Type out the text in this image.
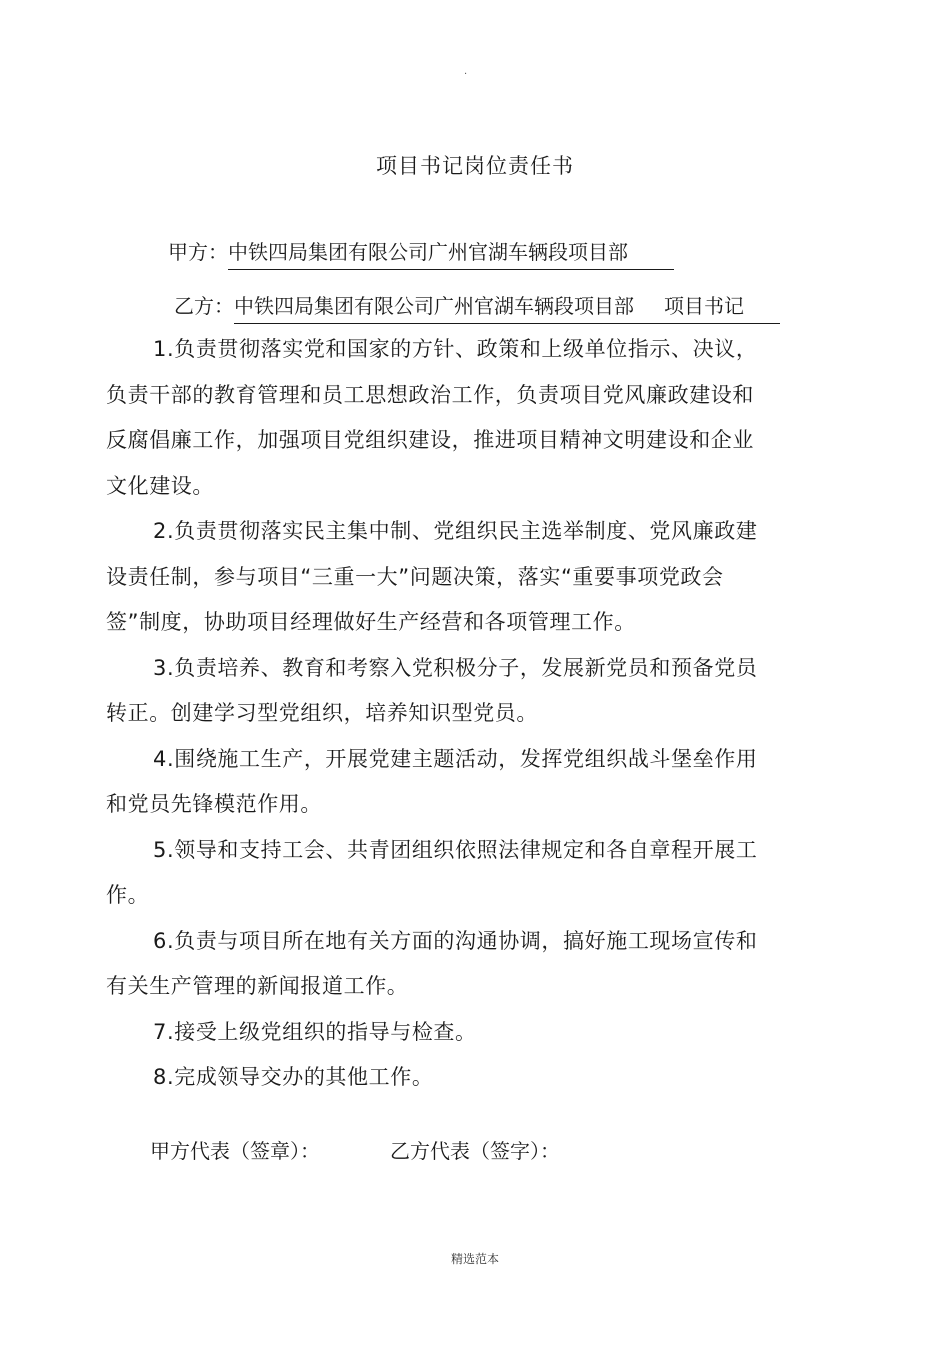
.
项目书记岗位责任书
甲方：中铁四局集团有限公司广州官湖车辆段项目部
乙方：中铁四局集团有限公司广州官湖车辆段项目部 项目书记

1.负责贯彻落实党和国家的方针、政策和上级单位指示、决议，负责干部的教育管理和员工思想政治工作，负责项目党风廉政建设和反腐倡廉工作，加强项目党组织建设，推进项目精神文明建设和企业文化建设。

2.负责贯彻落实民主集中制、党组织民主选举制度、党风廉政建设责任制，参与项目“三重一大”问题决策，落实“重要事项党政会签”制度，协助项目经理做好生产经营和各项管理工作。

3.负责培养、教育和考察入党积极分子，发展新党员和预备党员转正。创建学习型党组织，培养知识型党员。

4.围绕施工生产，开展党建主题活动，发挥党组织战斗堡垒作用和党员先锋模范作用。

5.领导和支持工会、共青团组织依照法律规定和各自章程开展工作。

6.负责与项目所在地有关方面的沟通协调，搞好施工现场宣传和有关生产管理的新闻报道工作。

7.接受上级党组织的指导与检查。

8.完成领导交办的其他工作。

甲方代表（签章）：	乙方代表（签字）：
精选范本
